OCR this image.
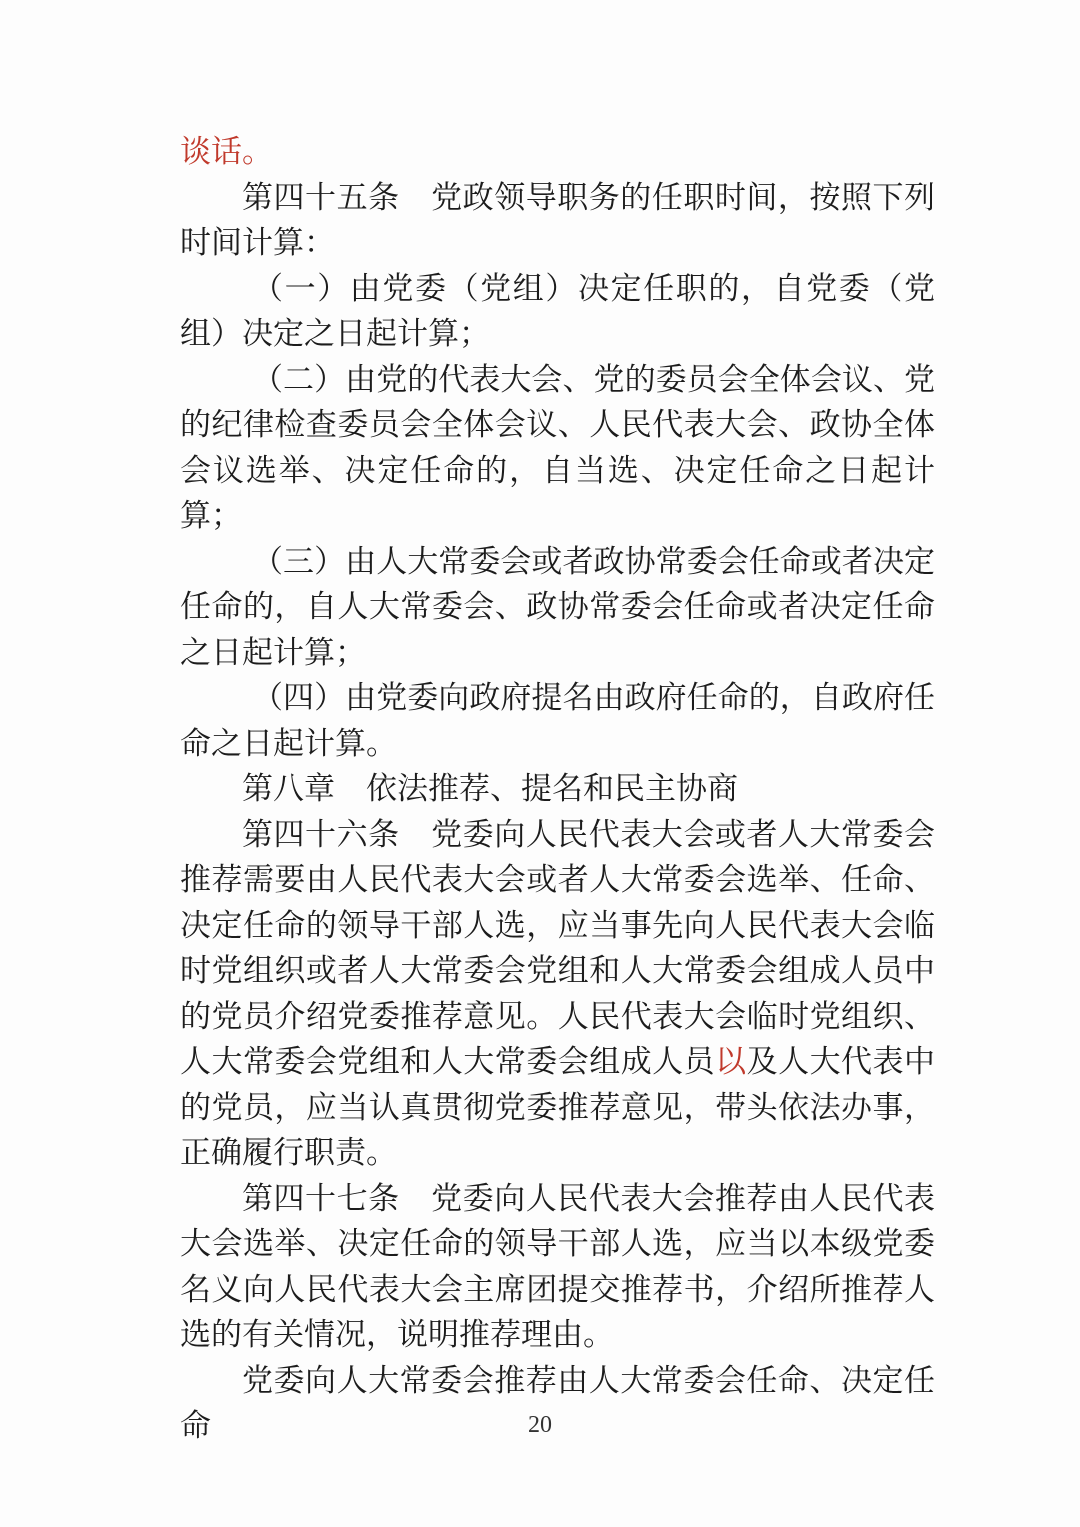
谈话。

第四十五条　党政领导职务的任职时间，按照下列时间计算：

（一）由党委（党组）决定任职的，自党委（党组）决定之日起计算；

（二）由党的代表大会、党的委员会全体会议、党的纪律检查委员会全体会议、人民代表大会、政协全体会议选举、决定任命的，自当选、决定任命之日起计算；

（三）由人大常委会或者政协常委会任命或者决定任命的，自人大常委会、政协常委会任命或者决定任命之日起计算；

（四）由党委向政府提名由政府任命的，自政府任命之日起计算。

第八章　依法推荐、提名和民主协商

第四十六条　党委向人民代表大会或者人大常委会推荐需要由人民代表大会或者人大常委会选举、任命、决定任命的领导干部人选，应当事先向人民代表大会临时党组织或者人大常委会党组和人大常委会组成人员中的党员介绍党委推荐意见。人民代表大会临时党组织、人大常委会党组和人大常委会组成人员以及人大代表中的党员，应当认真贯彻党委推荐意见，带头依法办事，正确履行职责。

第四十七条　党委向人民代表大会推荐由人民代表大会选举、决定任命的领导干部人选，应当以本级党委名义向人民代表大会主席团提交推荐书，介绍所推荐人选的有关情况，说明推荐理由。

党委向人大常委会推荐由人大常委会任命、决定任命	20
